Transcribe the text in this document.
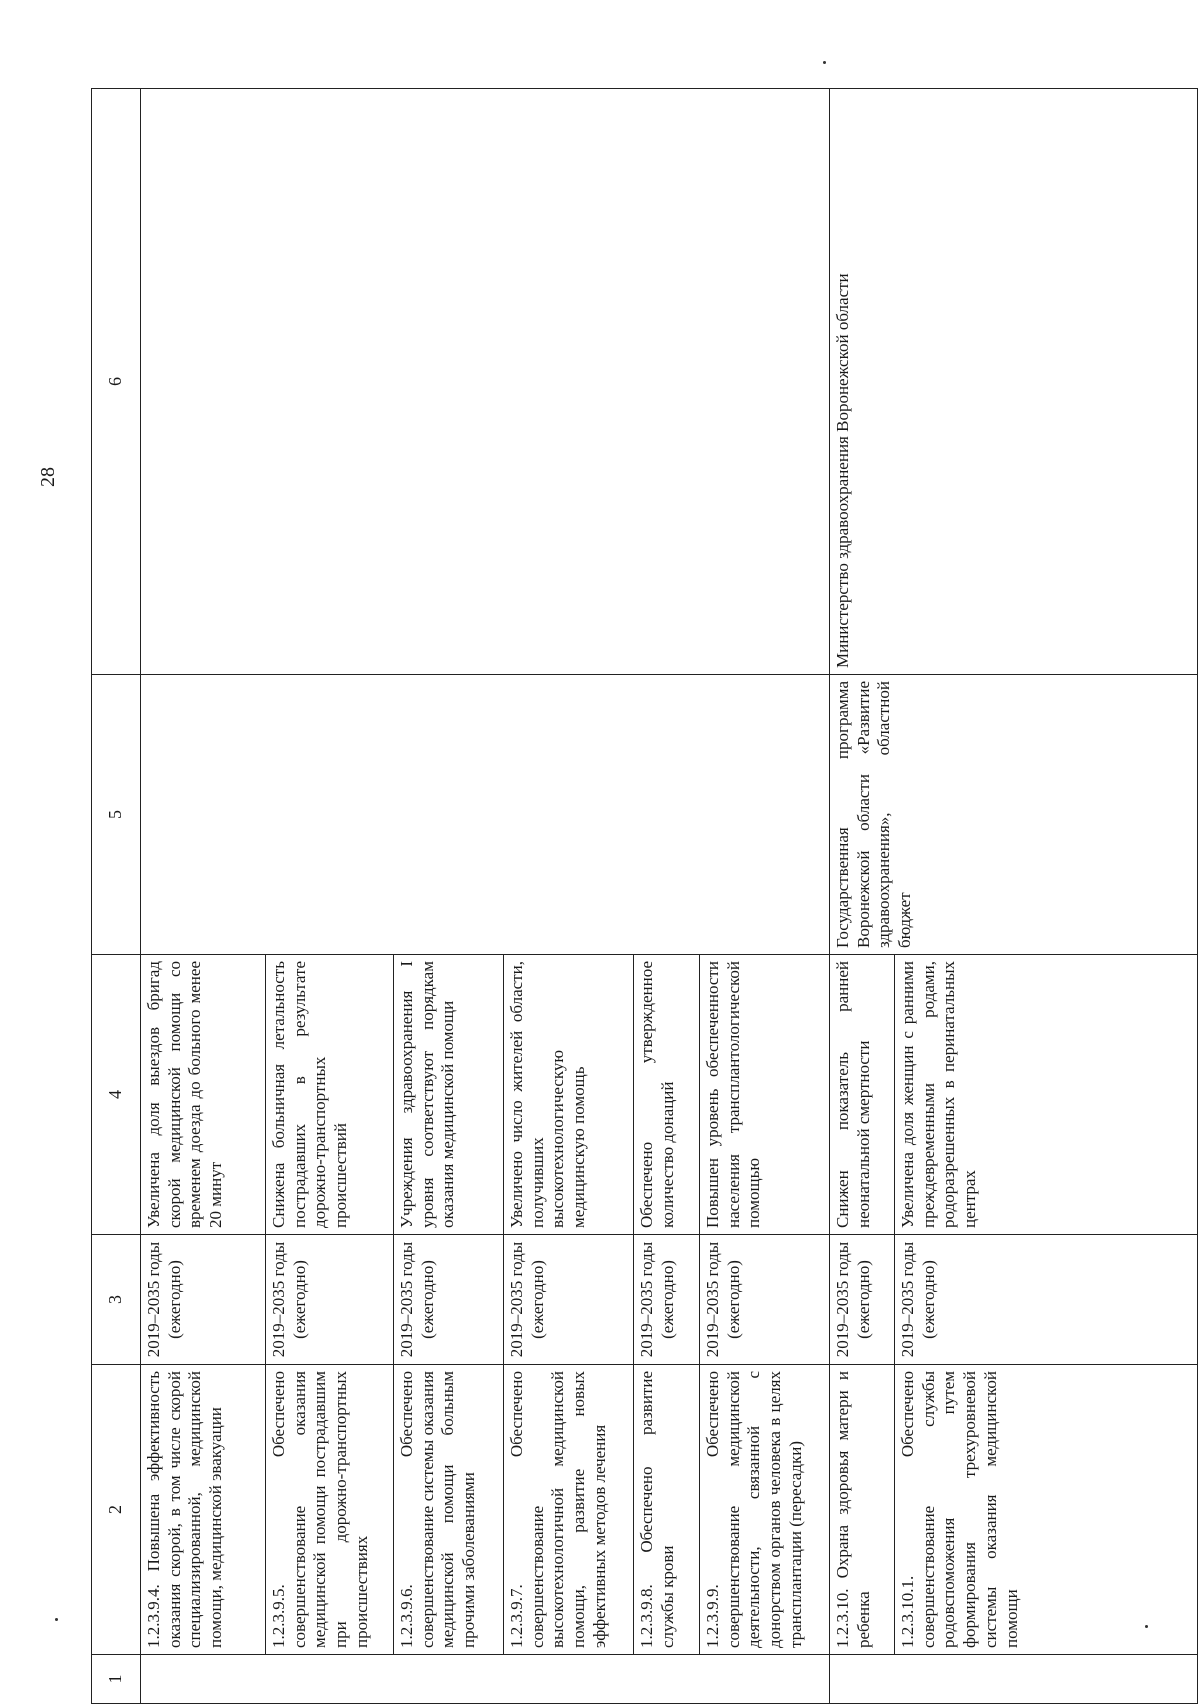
28
1	2	3	4	5	6
	1.2.3.9.4. Повышена эффективность оказания скорой, в том числе скорой специализированной, медицинской помощи, медицинской эвакуации	2019–2035 годы (ежегодно)	Увеличена доля выездов бригад скорой медицинской помощи со временем доезда до больного менее 20 минут		
	1.2.3.9.5. Обеспечено совершенствование оказания медицинской помощи пострадавшим при дорожно-транспортных происшествиях	2019–2035 годы (ежегодно)	Снижена больничная летальность пострадавших в результате дорожно-транспортных происшествий		
	1.2.3.9.6. Обеспечено совершенствование системы оказания медицинской помощи больным прочими заболеваниями	2019–2035 годы (ежегодно)	Учреждения здравоохранения I уровня соответствуют порядкам оказания медицинской помощи		
	1.2.3.9.7. Обеспечено совершенствование высокотехнологичной медицинской помощи, развитие новых эффективных методов лечения	2019–2035 годы (ежегодно)	Увеличено число жителей области, получивших высокотехнологическую медицинскую помощь		
	1.2.3.9.8. Обеспечено развитие службы крови	2019–2035 годы (ежегодно)	Обеспечено утвержденное количество донаций		
	1.2.3.9.9. Обеспечено совершенствование медицинской деятельности, связанной с донорством органов человека в целях трансплантации (пересадки)	2019–2035 годы (ежегодно)	Повышен уровень обеспеченности населения трансплантологической помощью		
	1.2.3.10. Охрана здоровья матери и ребенка	2019–2035 годы (ежегодно)	Снижен показатель ранней неонатальной смертности	Государственная программа Воронежской области «Развитие здравоохранения», областной бюджет	Министерство здравоохранения Воронежской области
	1.2.3.10.1. Обеспечено совершенствование службы родовспоможения путем формирования трехуровневой системы оказания медицинской помощи	2019–2035 годы (ежегодно)	Увеличена доля женщин с ранними преждевременными родами, родоразрешенных в перинатальных центрах		
